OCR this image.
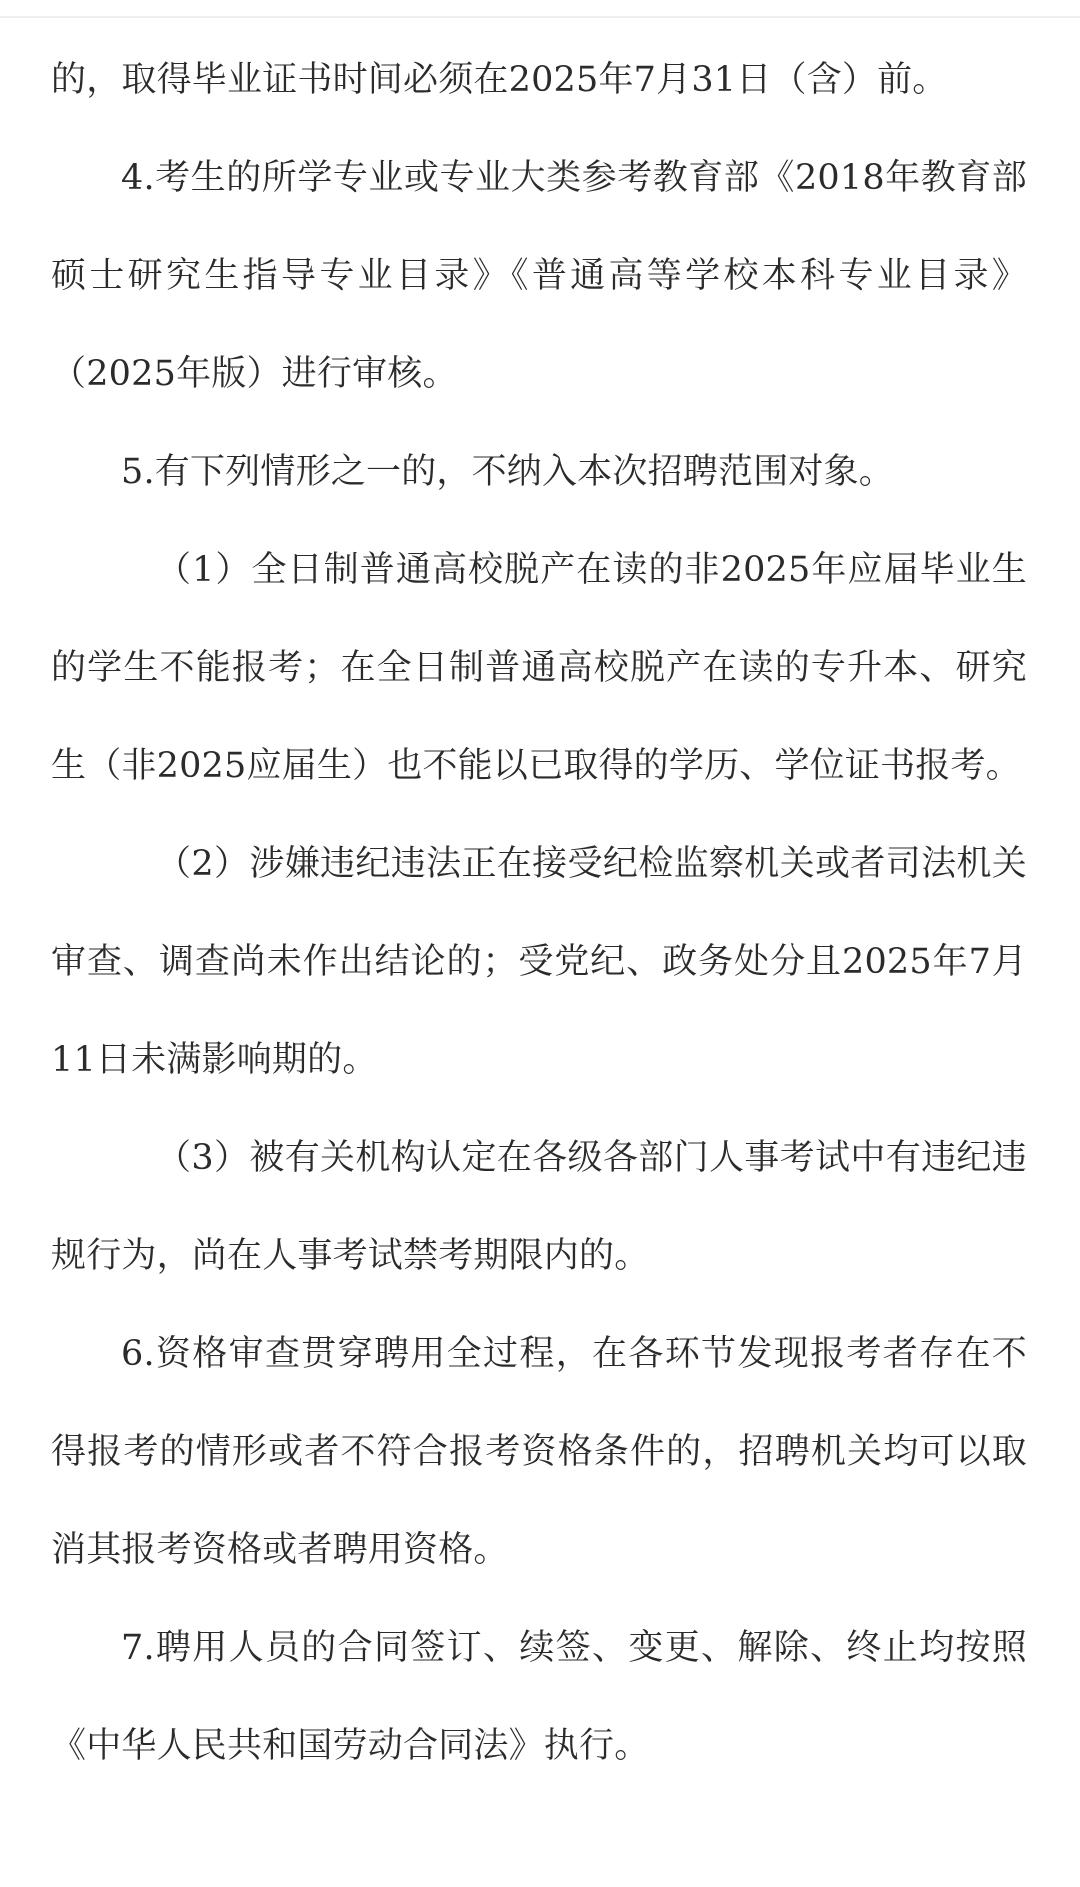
的，取得毕业证书时间必须在2025年7月31日（含）前。

4.考生的所学专业或专业大类参考教育部《2018年教育部硕士研究生指导专业目录》《普通高等学校本科专业目录》（2025年版）进行审核。

5.有下列情形之一的，不纳入本次招聘范围对象。

（1）全日制普通高校脱产在读的非2025年应届毕业生的学生不能报考；在全日制普通高校脱产在读的专升本、研究生（非2025应届生）也不能以已取得的学历、学位证书报考。

（2）涉嫌违纪违法正在接受纪检监察机关或者司法机关审查、调查尚未作出结论的；受党纪、政务处分且2025年7月11日未满影响期的。

（3）被有关机构认定在各级各部门人事考试中有违纪违规行为，尚在人事考试禁考期限内的。

6.资格审查贯穿聘用全过程，在各环节发现报考者存在不得报考的情形或者不符合报考资格条件的，招聘机关均可以取消其报考资格或者聘用资格。

7.聘用人员的合同签订、续签、变更、解除、终止均按照《中华人民共和国劳动合同法》执行。
